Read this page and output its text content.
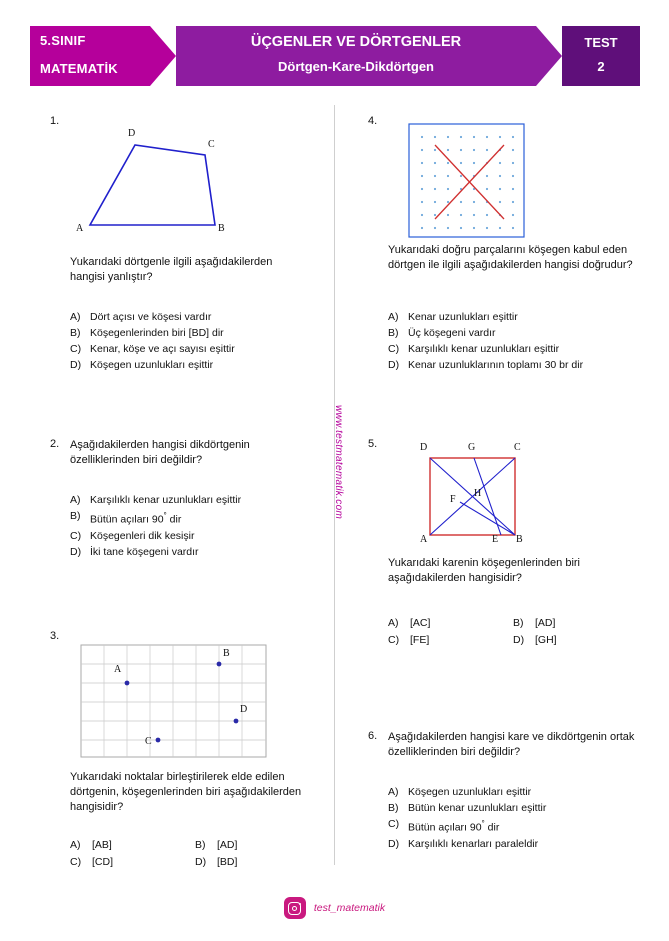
5.SINIF
MATEMATİK
ÜÇGENLER VE DÖRTGENLER
Dörtgen-Kare-Dikdörtgen
TEST
2
www.testmatematik.com
1.
A	B
C
D
Yukarıdaki dörtgenle ilgili aşağıdakilerden hangisi yanlıştır?
A) Dört açısı ve köşesi vardır
B) Köşegenlerinden biri [BD] dir
C) Kenar, köşe ve açı sayısı eşittir
D) Köşegen uzunlukları eşittir
2. Aşağıdakilerden hangisi dikdörtgenin özelliklerinden biri değildir?
A) Karşılıklı kenar uzunlukları eşittir
B) Bütün açıları 90° dir
C) Köşegenleri dik kesişir
D) İki tane köşegeni vardır
3.
A
B
C
D
Yukarıdaki noktalar birleştirilerek elde edilen dörtgenin, köşegenlerinden biri aşağıdakilerden hangisidir?
A)	[AB]	B)	[AD]
C)	[CD]	D)	[BD]
4.
Yukarıdaki doğru parçalarını köşegen kabul eden dörtgen ile ilgili aşağıdakilerden hangisi doğrudur?
A) Kenar uzunlukları eşittir
B) Üç köşegeni vardır
C) Karşılıklı kenar uzunlukları eşittir
D) Kenar uzunluklarının toplamı 30 br dir
5.	D	G	C
F
H
A	E B
Yukarıdaki karenin köşegenlerinden biri aşağıdakilerden hangisidir?
A)	[AC]	B)	[AD]
C)	[FE]	D)	[GH]
6. Aşağıdakilerden hangisi kare ve dikdörtgenin ortak özelliklerinden biri değildir?
A) Köşegen uzunlukları eşittir
B) Bütün kenar uzunlukları eşittir
C) Bütün açıları 90° dir
D) Karşılıklı kenarları paraleldir
test_matematik
